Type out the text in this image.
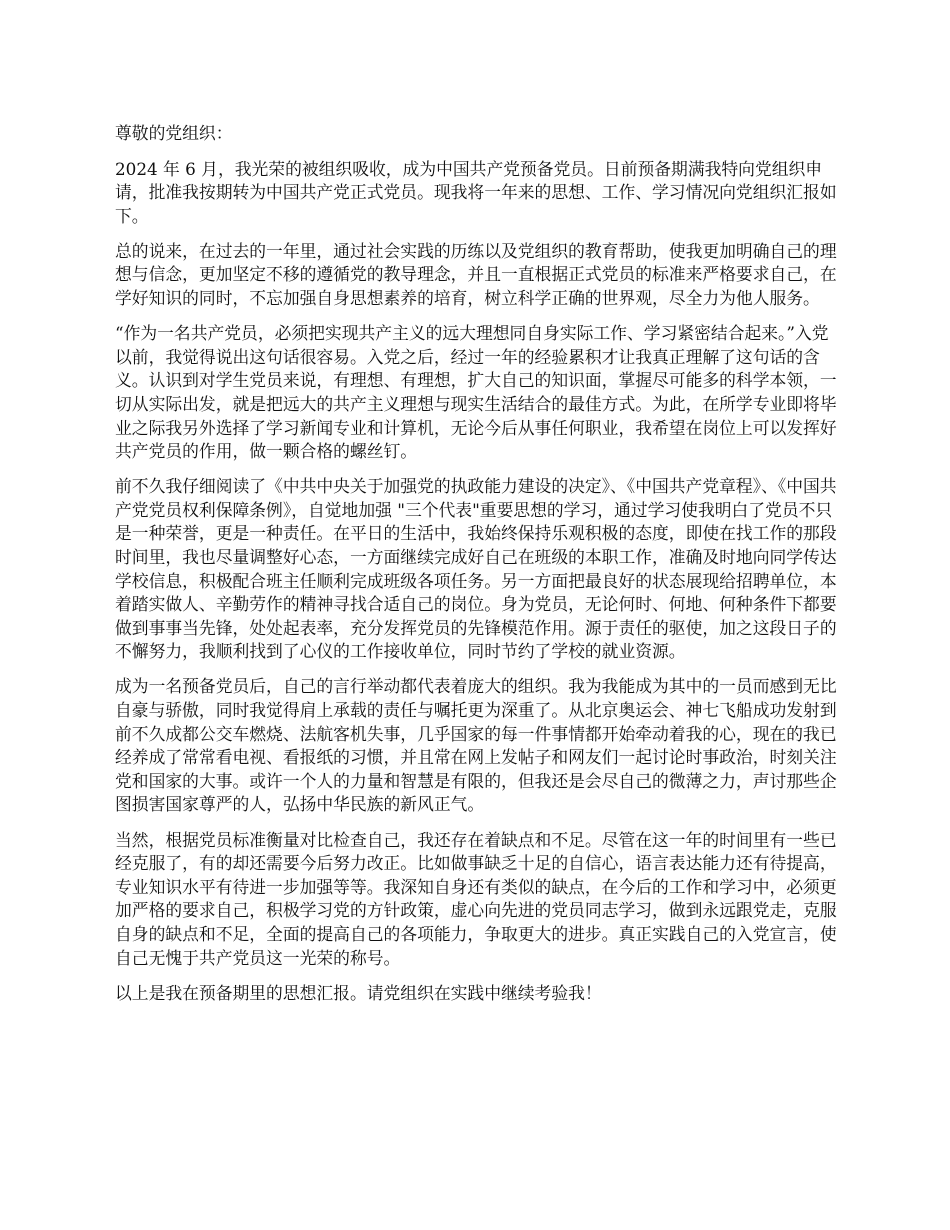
尊敬的党组织：

2024 年 6 月，我光荣的被组织吸收，成为中国共产党预备党员。日前预备期满我特向党组织申请，批准我按期转为中国共产党正式党员。现我将一年来的思想、工作、学习情况向党组织汇报如下。

总的说来，在过去的一年里，通过社会实践的历练以及党组织的教育帮助，使我更加明确自己的理想与信念，更加坚定不移的遵循党的教导理念，并且一直根据正式党员的标准来严格要求自己，在学好知识的同时，不忘加强自身思想素养的培育，树立科学正确的世界观，尽全力为他人服务。

“作为一名共产党员，必须把实现共产主义的远大理想同自身实际工作、学习紧密结合起来。”入党以前，我觉得说出这句话很容易。入党之后，经过一年的经验累积才让我真正理解了这句话的含义。认识到对学生党员来说，有理想、有理想，扩大自己的知识面，掌握尽可能多的科学本领，一切从实际出发，就是把远大的共产主义理想与现实生活结合的最佳方式。为此，在所学专业即将毕业之际我另外选择了学习新闻专业和计算机，无论今后从事任何职业，我希望在岗位上可以发挥好共产党员的作用，做一颗合格的螺丝钉。

前不久我仔细阅读了《中共中央关于加强党的执政能力建设的决定》、《中国共产党章程》、《中国共产党党员权利保障条例》，自觉地加强 "三个代表"重要思想的学习，通过学习使我明白了党员不只是一种荣誉，更是一种责任。在平日的生活中，我始终保持乐观积极的态度，即使在找工作的那段时间里，我也尽量调整好心态，一方面继续完成好自己在班级的本职工作，准确及时地向同学传达学校信息，积极配合班主任顺利完成班级各项任务。另一方面把最良好的状态展现给招聘单位，本着踏实做人、辛勤劳作的精神寻找合适自己的岗位。身为党员，无论何时、何地、何种条件下都要做到事事当先锋，处处起表率，充分发挥党员的先锋模范作用。源于责任的驱使，加之这段日子的不懈努力，我顺利找到了心仪的工作接收单位，同时节约了学校的就业资源。

成为一名预备党员后，自己的言行举动都代表着庞大的组织。我为我能成为其中的一员而感到无比自豪与骄傲，同时我觉得肩上承载的责任与嘱托更为深重了。从北京奥运会、神七飞船成功发射到前不久成都公交车燃烧、法航客机失事，几乎国家的每一件事情都开始牵动着我的心，现在的我已经养成了常常看电视、看报纸的习惯，并且常在网上发帖子和网友们一起讨论时事政治，时刻关注党和国家的大事。或许一个人的力量和智慧是有限的，但我还是会尽自己的微薄之力，声讨那些企图损害国家尊严的人，弘扬中华民族的新风正气。

当然，根据党员标准衡量对比检查自己，我还存在着缺点和不足。尽管在这一年的时间里有一些已经克服了，有的却还需要今后努力改正。比如做事缺乏十足的自信心，语言表达能力还有待提高，专业知识水平有待进一步加强等等。我深知自身还有类似的缺点，在今后的工作和学习中，必须更加严格的要求自己，积极学习党的方针政策，虚心向先进的党员同志学习，做到永远跟党走，克服自身的缺点和不足，全面的提高自己的各项能力，争取更大的进步。真正实践自己的入党宣言，使自己无愧于共产党员这一光荣的称号。

以上是我在预备期里的思想汇报。请党组织在实践中继续考验我！
